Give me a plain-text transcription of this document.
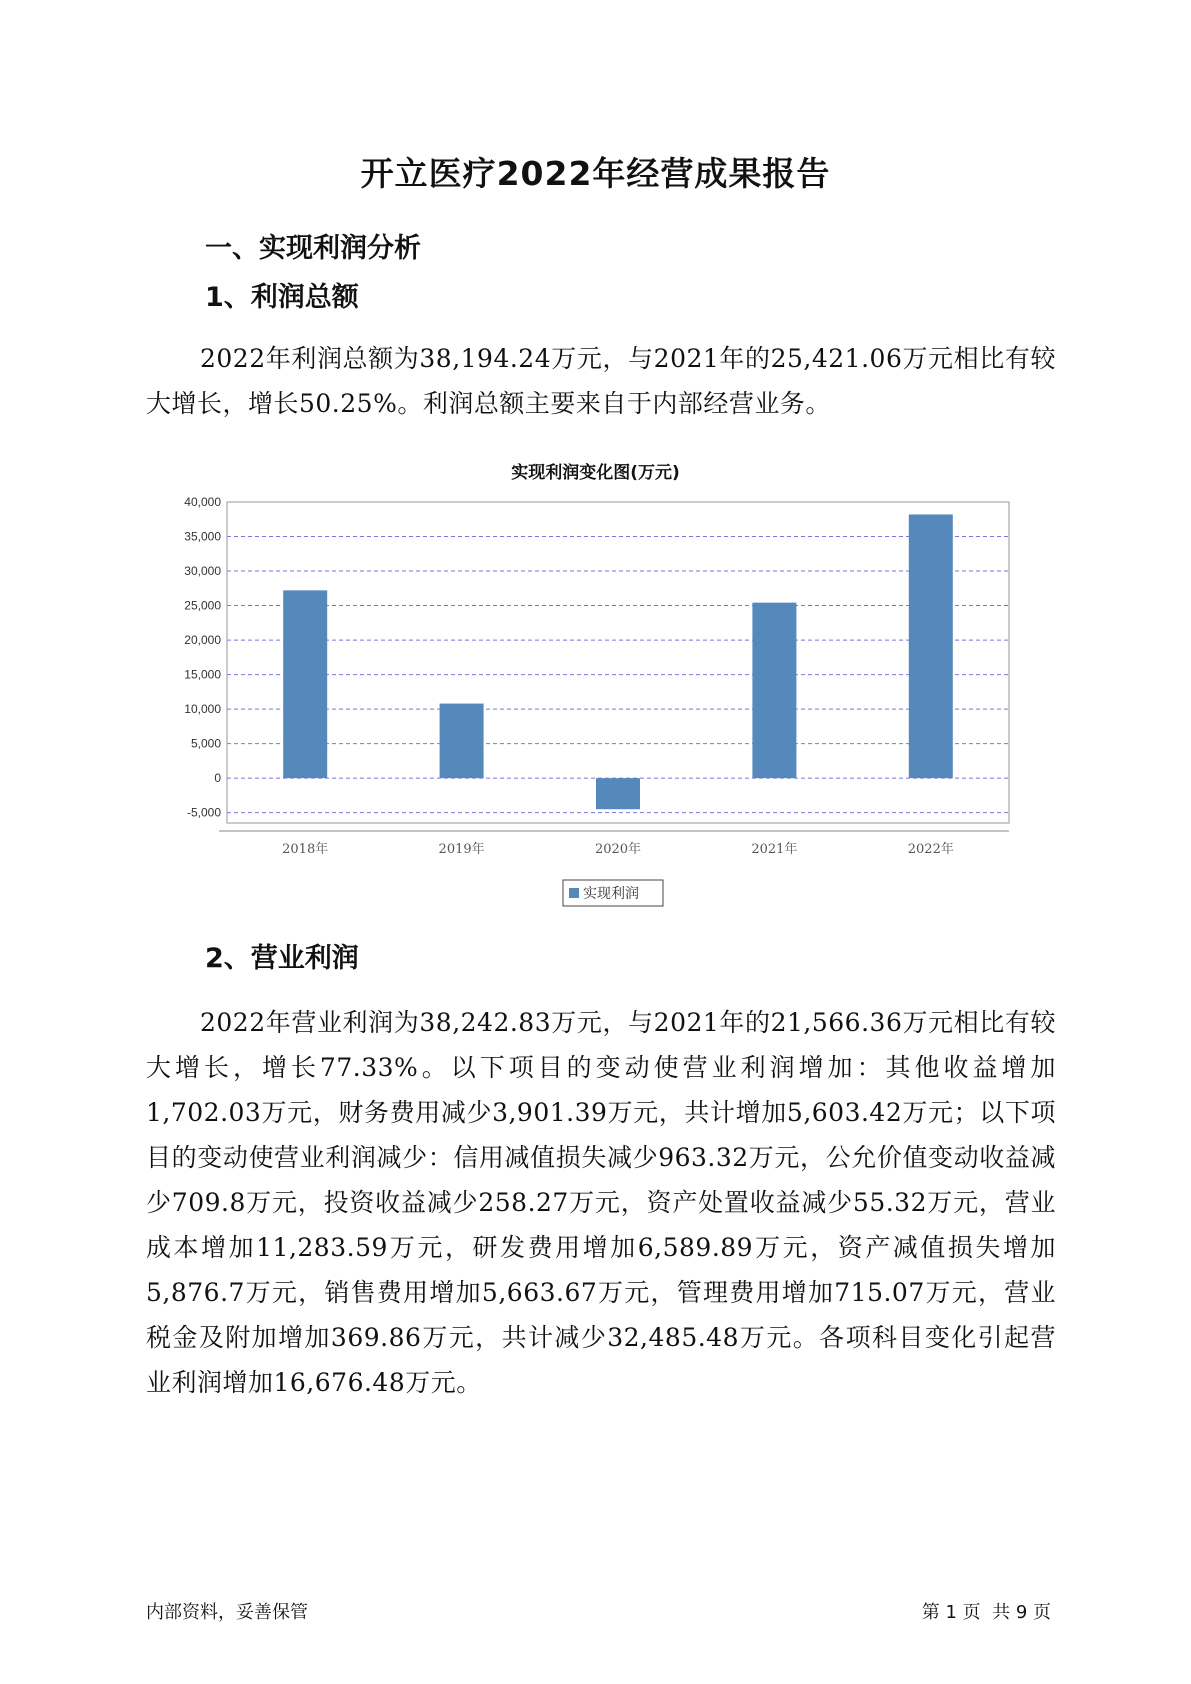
开立医疗2022年经营成果报告
一、实现利润分析
1、利润总额
2022年利润总额为38,194.24万元，与2021年的25,421.06万元相比有较大增长，增长50.25%。利润总额主要来自于内部经营业务。
实现利润变化图(万元)
-5,000
0
5,000
10,000
15,000
20,000
25,000
30,000
35,000
40,000
2018年	2019年	2020年	2021年	2022年
实现利润
2、营业利润
2022年营业利润为38,242.83万元，与2021年的21,566.36万元相比有较大增长，增长77.33%。以下项目的变动使营业利润增加：其他收益增加1,702.03万元，财务费用减少3,901.39万元，共计增加5,603.42万元；以下项目的变动使营业利润减少：信用减值损失减少963.32万元，公允价值变动收益减少709.8万元，投资收益减少258.27万元，资产处置收益减少55.32万元，营业成本增加11,283.59万元，研发费用增加6,589.89万元，资产减值损失增加5,876.7万元，销售费用增加5,663.67万元，管理费用增加715.07万元，营业税金及附加增加369.86万元，共计减少32,485.48万元。各项科目变化引起营业利润增加16,676.48万元。
内部资料，妥善保管	第 1 页  共 9 页
